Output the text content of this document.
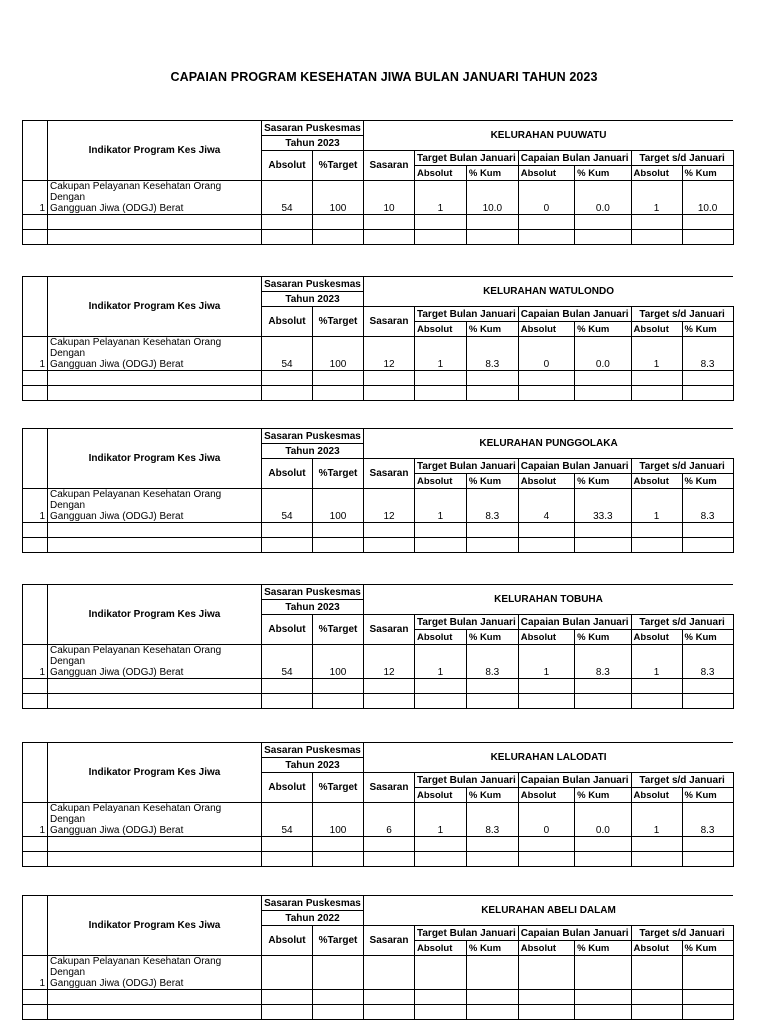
CAPAIAN PROGRAM KESEHATAN JIWA BULAN JANUARI TAHUN 2023
	Indikator Program Kes Jiwa	Sasaran Puskesmas		KELURAHAN PUUWATU						
		Tahun 2023								
		Absolut	%Target	Sasaran	Target Bulan Januari		Capaian Bulan Januari		Target s/d Januari	
					Absolut	% Kum	Absolut	% Kum	Absolut	% Kum
1	Cakupan Pelayanan Kesehatan Orang Dengan
Gangguan Jiwa (ODGJ) Berat	54	100	10	1	10.0	0	0.0	1	10.0

	Indikator Program Kes Jiwa	Sasaran Puskesmas		KELURAHAN WATULONDO						
		Tahun 2023								
		Absolut	%Target	Sasaran	Target Bulan Januari		Capaian Bulan Januari		Target s/d Januari	
					Absolut	% Kum	Absolut	% Kum	Absolut	% Kum
1	Cakupan Pelayanan Kesehatan Orang Dengan
Gangguan Jiwa (ODGJ) Berat	54	100	12	1	8.3	0	0.0	1	8.3

	Indikator Program Kes Jiwa	Sasaran Puskesmas		KELURAHAN PUNGGOLAKA						
		Tahun 2023								
		Absolut	%Target	Sasaran	Target Bulan Januari		Capaian Bulan Januari		Target s/d Januari	
					Absolut	% Kum	Absolut	% Kum	Absolut	% Kum
1	Cakupan Pelayanan Kesehatan Orang Dengan
Gangguan Jiwa (ODGJ) Berat	54	100	12	1	8.3	4	33.3	1	8.3

	Indikator Program Kes Jiwa	Sasaran Puskesmas		KELURAHAN TOBUHA						
		Tahun 2023								
		Absolut	%Target	Sasaran	Target Bulan Januari		Capaian Bulan Januari		Target s/d Januari	
					Absolut	% Kum	Absolut	% Kum	Absolut	% Kum
1	Cakupan Pelayanan Kesehatan Orang Dengan
Gangguan Jiwa (ODGJ) Berat	54	100	12	1	8.3	1	8.3	1	8.3

	Indikator Program Kes Jiwa	Sasaran Puskesmas		KELURAHAN LALODATI						
		Tahun 2023								
		Absolut	%Target	Sasaran	Target Bulan Januari		Capaian Bulan Januari		Target s/d Januari	
					Absolut	% Kum	Absolut	% Kum	Absolut	% Kum
1	Cakupan Pelayanan Kesehatan Orang Dengan
Gangguan Jiwa (ODGJ) Berat	54	100	6	1	8.3	0	0.0	1	8.3

	Indikator Program Kes Jiwa	Sasaran Puskesmas		KELURAHAN ABELI DALAM						
		Tahun 2022								
		Absolut	%Target	Sasaran	Target Bulan Januari		Capaian Bulan Januari		Target s/d Januari	
					Absolut	% Kum	Absolut	% Kum	Absolut	% Kum
1	Cakupan Pelayanan Kesehatan Orang Dengan
Gangguan Jiwa (ODGJ) Berat									
